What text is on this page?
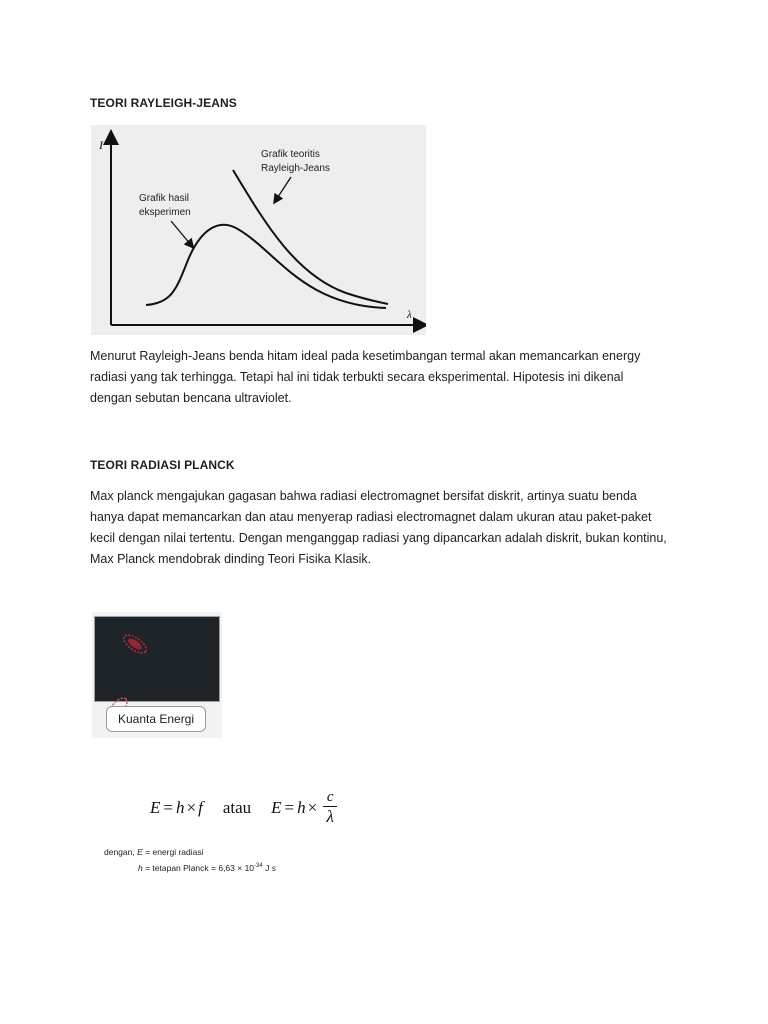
TEORI RAYLEIGH-JEANS
I
λ
Grafik teoritis
Rayleigh-Jeans
Grafik hasil
eksperimen
Menurut Rayleigh-Jeans benda hitam ideal pada kesetimbangan termal akan memancarkan energy
radiasi yang tak terhingga. Tetapi hal ini tidak terbukti secara eksperimental. Hipotesis ini dikenal
dengan sebutan bencana ultraviolet.
TEORI RADIASI PLANCK
Max planck mengajukan gagasan bahwa radiasi electromagnet bersifat diskrit, artinya suatu benda
hanya dapat memancarkan dan atau menyerap radiasi electromagnet dalam ukuran atau paket-paket
kecil dengan nilai tertentu. Dengan menganggap radiasi yang dipancarkan adalah diskrit, bukan kontinu,
Max Planck mendobrak dinding Teori Fisika Klasik.
Kuanta Energi
E = h × f atau $E = h \times \frac{c}{\lambda}$
dengan, E = energi radiasi
h = tetapan Planck = $6,63 \times 10^{-34}$ J s
